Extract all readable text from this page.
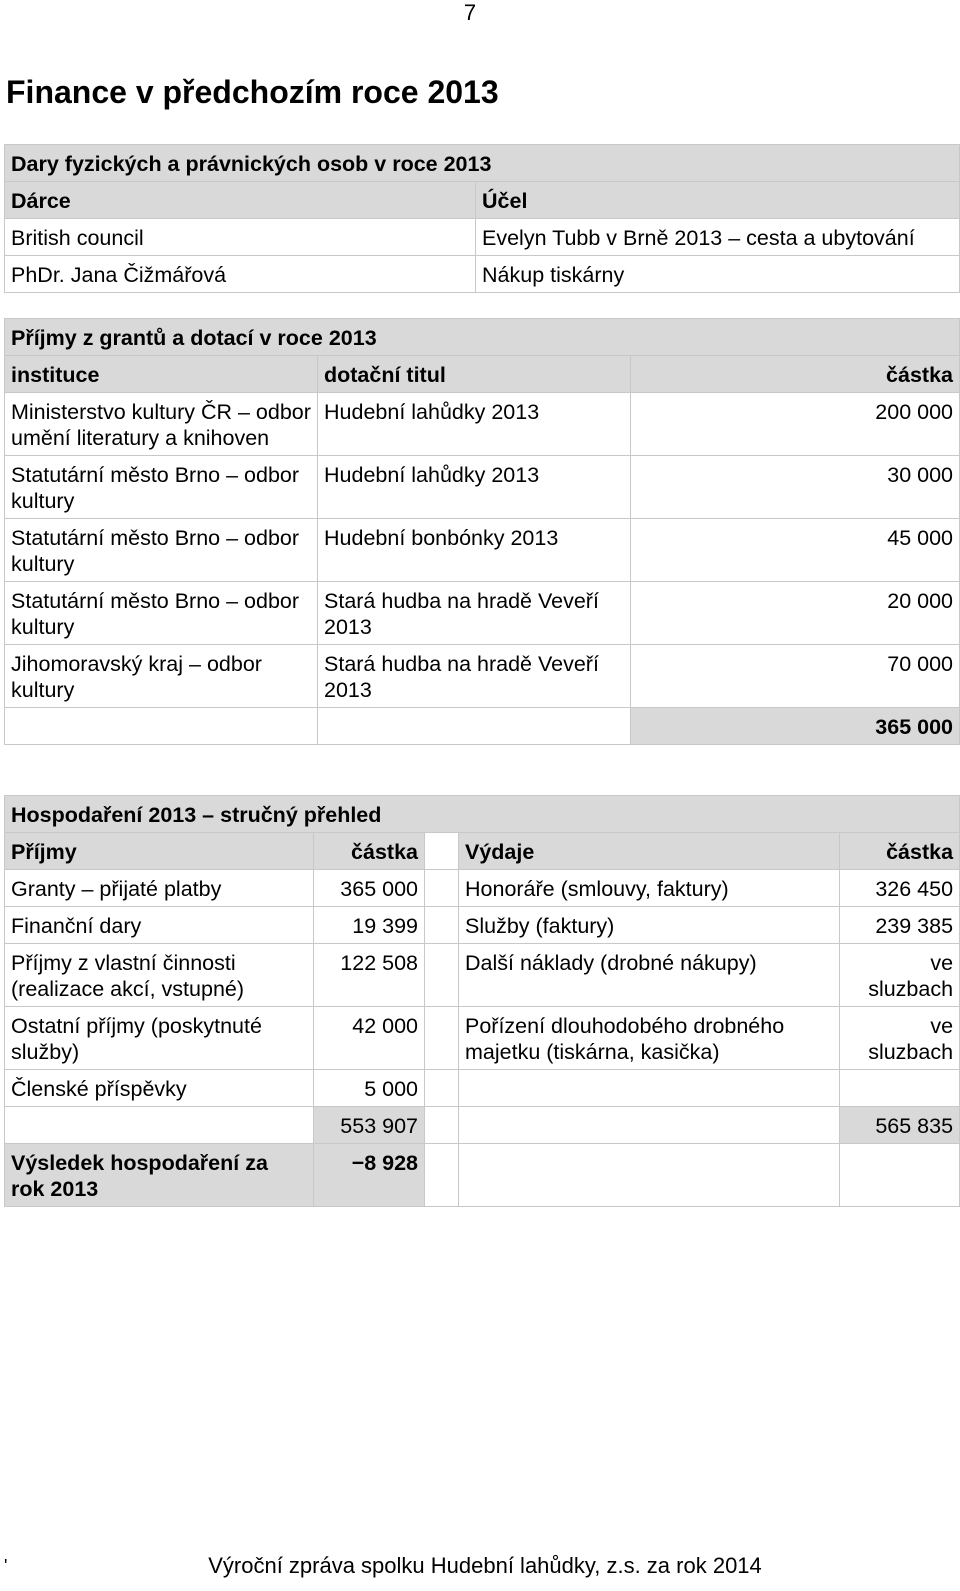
7
Finance v předchozím roce 2013
Dary fyzických a právnických osob v roce 2013	
Dárce	Účel
British council	Evelyn Tubb v Brně 2013 – cesta a ubytování
PhDr. Jana Čižmářová	Nákup tiskárny
Příjmy z grantů a dotací v roce 2013		
instituce	dotační titul	částka
Ministerstvo kultury ČR – odbor umění literatury a knihoven	Hudební lahůdky 2013	200 000
Statutární město Brno – odbor kultury	Hudební lahůdky 2013	30 000
Statutární město Brno – odbor kultury	Hudební bonbónky 2013	45 000
Statutární město Brno – odbor kultury	Stará hudba na hradě Veveří 2013	20 000
Jihomoravský kraj – odbor kultury	Stará hudba na hradě Veveří 2013	70 000
		365 000
Hospodaření 2013 – stručný přehled				
Příjmy	částka		Výdaje	částka
Granty – přijaté platby	365 000		Honoráře (smlouvy, faktury)	326 450
Finanční dary	19 399		Služby (faktury)	239 385
Příjmy z vlastní činnosti (realizace akcí, vstupné)	122 508		Další náklady (drobné nákupy)	ve sluzbach
Ostatní příjmy (poskytnuté služby)	42 000		Pořízení dlouhodobého drobného majetku (tiskárna, kasička)	ve sluzbach
Členské příspěvky	5 000			
	553 907			565 835
Výsledek hospodaření za rok 2013	−8 928			
'	Výroční zpráva spolku Hudební lahůdky, z.s. za rok 2014
